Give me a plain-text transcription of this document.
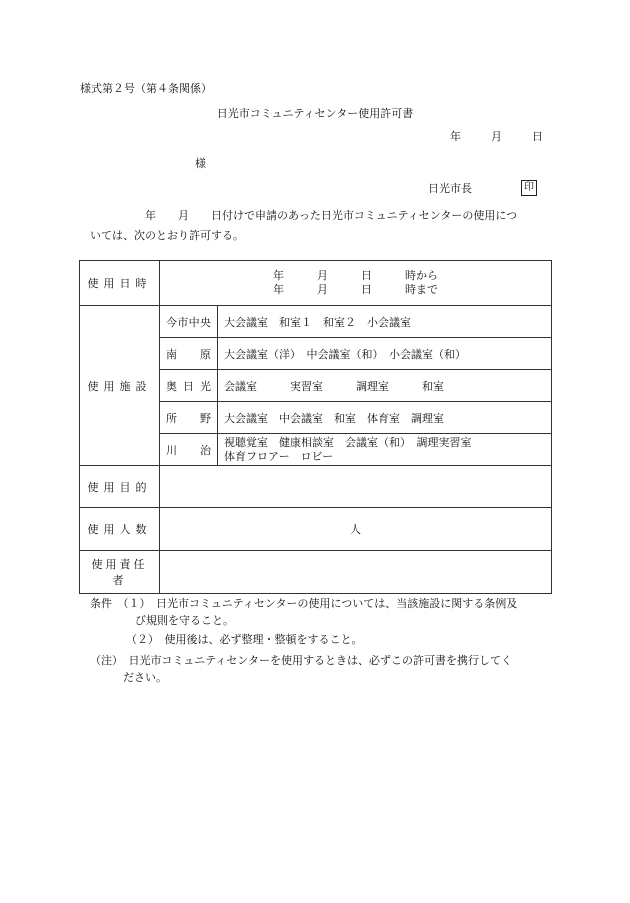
様式第２号（第４条関係）
日光市コミュニティセンター使用許可書
年	月	日
様
日光市長	印
年　　月　　日付けで申請のあった日光市コミュニティセンターの使用につ
いては、次のとおり許可する。
使用日時	年　　　月　　　日　　　時から
年　　　月　　　日　　　時まで	

使用施設	今市中央	大会議室　和室１　和室２　小会議室
	南原	大会議室（洋）　中会議室（和）　小会議室（和）
	奥日光	会議室　　　実習室　　　調理室　　　和室
	所野	大会議室　中会議室　和室　体育室　調理室
	川治	視聴覚室　健康相談室　会議室（和）　調理実習室
体育フロアー　ロビー

使用目的		
使用人数	人	
使用責任者		
条件　（１）　日光市コミュニティセンターの使用については、当該施設に関する条例及
び規則を守ること。
（２）　使用後は、必ず整理・整頓をすること。
（注）　日光市コミュニティセンターを使用するときは、必ずこの許可書を携行してく
ださい。
